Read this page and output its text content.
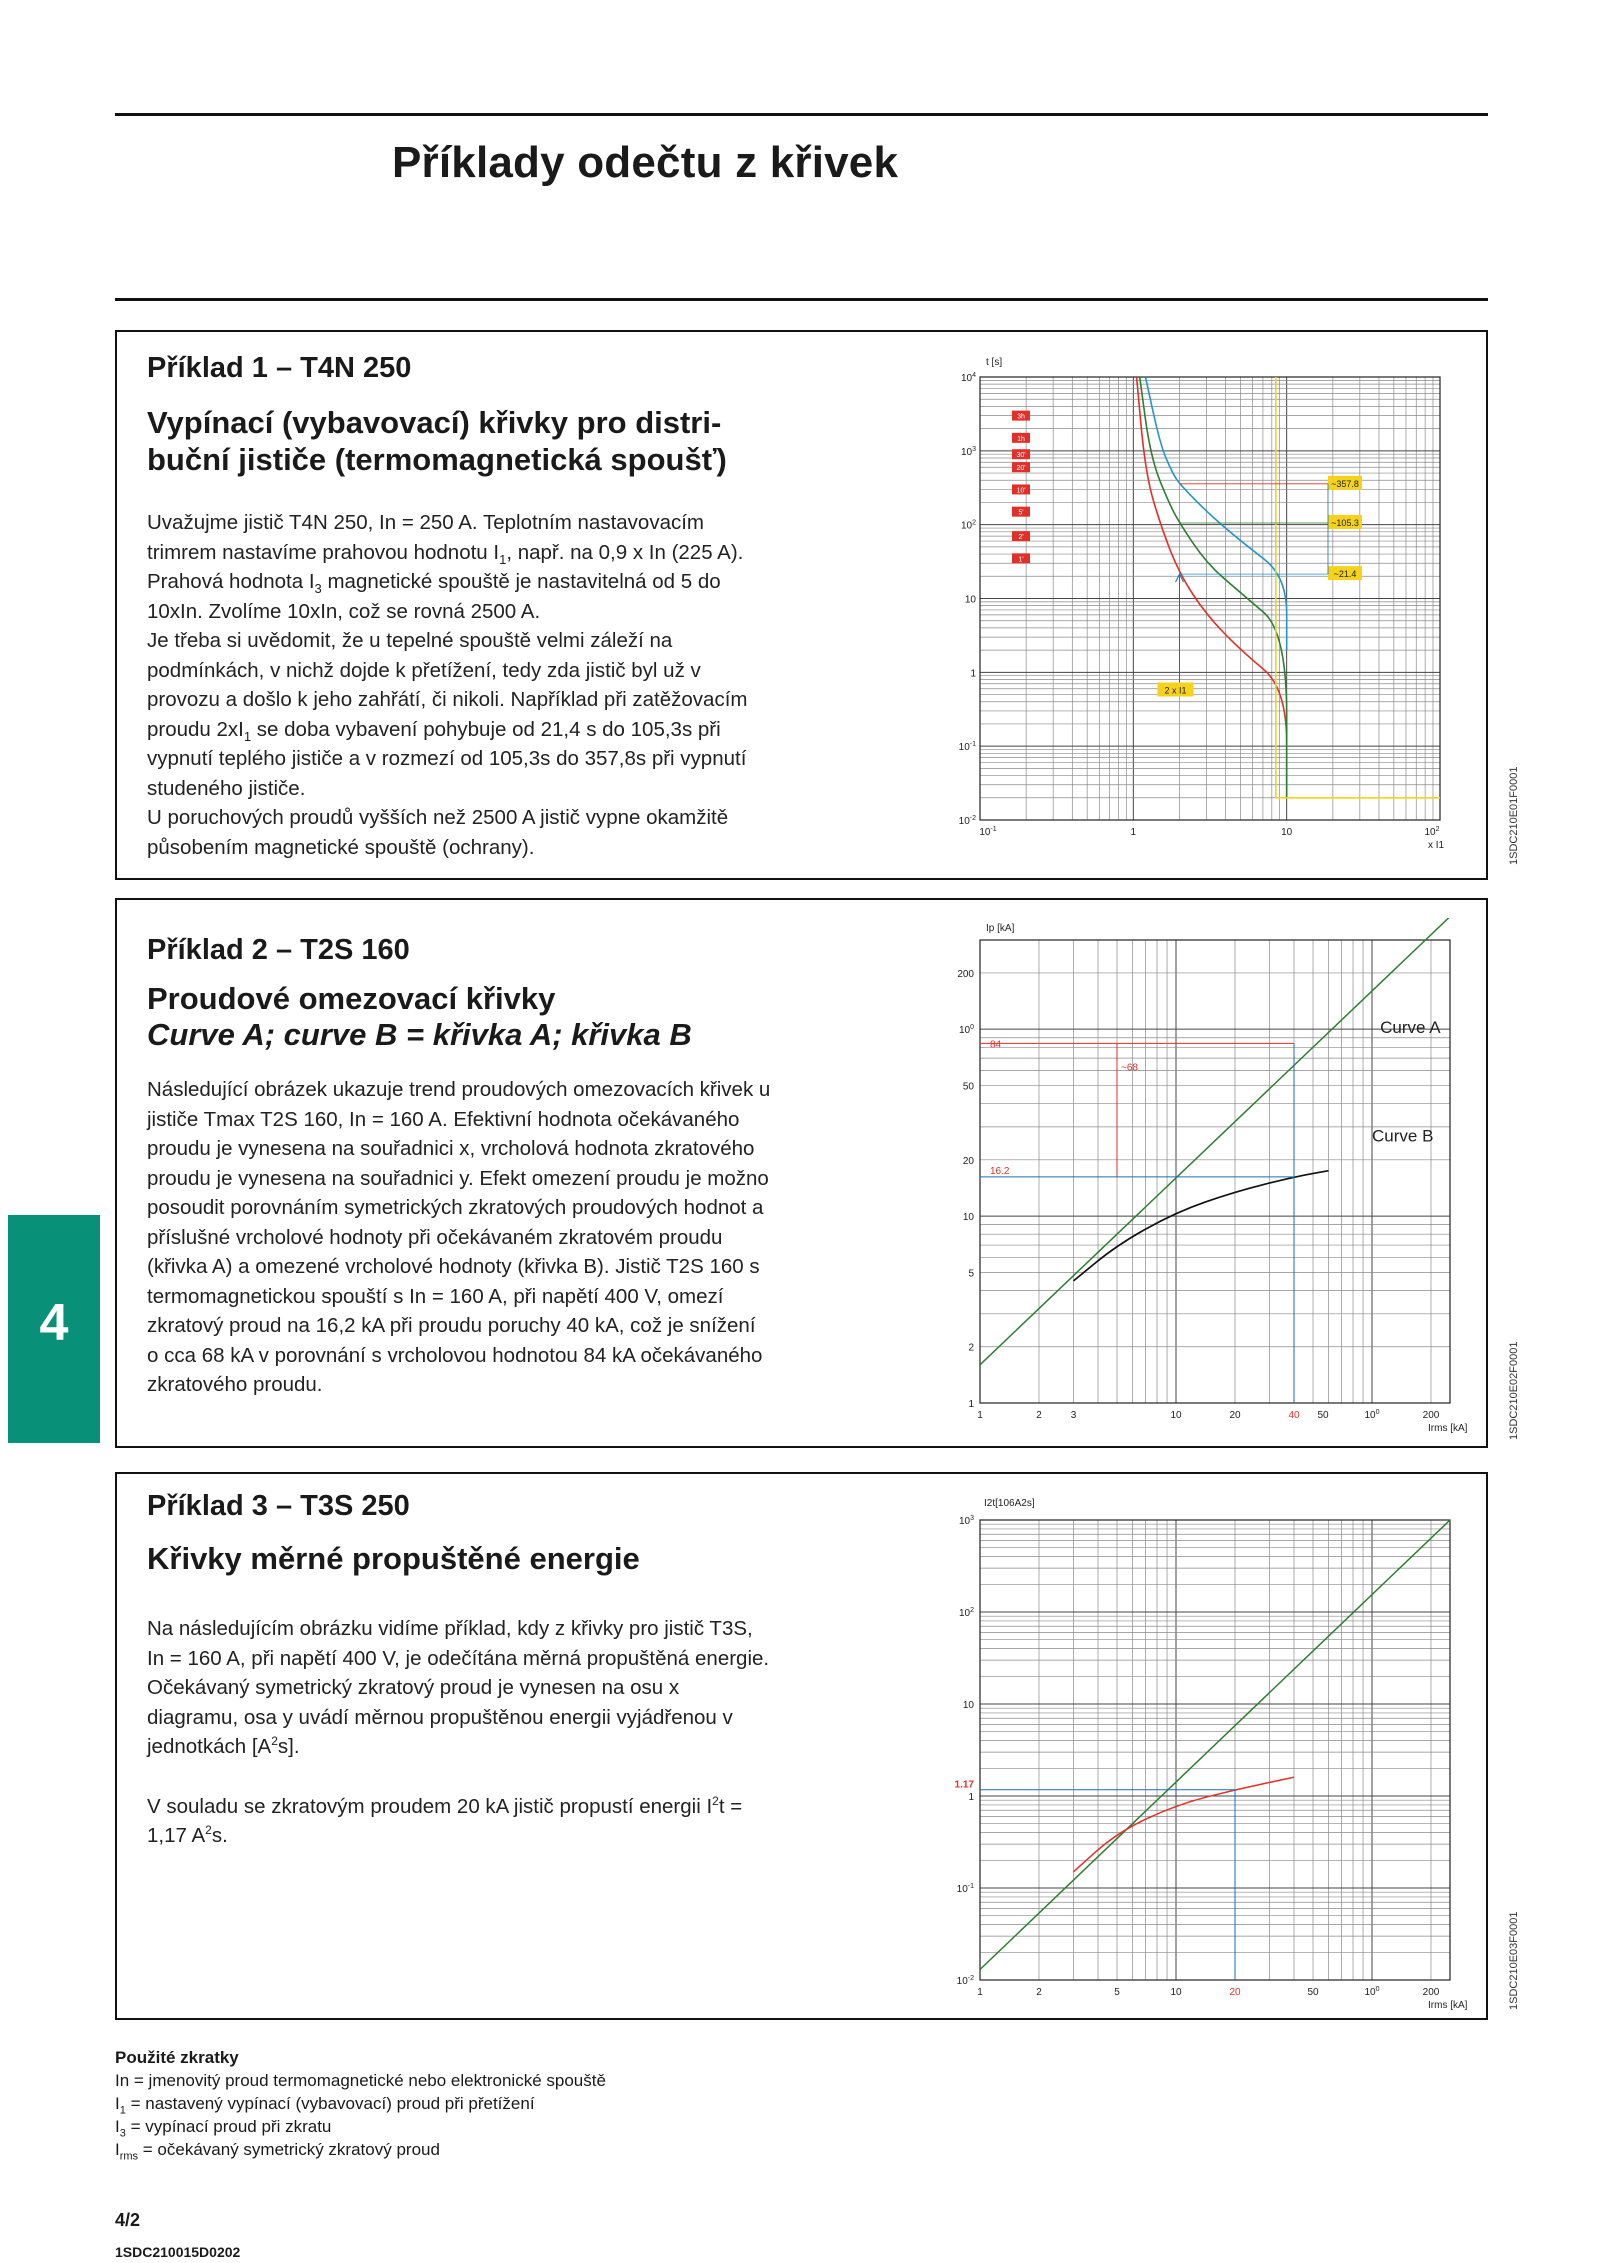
Příklady odečtu z křivek
Příklad 1 – T4N 250
Vypínací (vybavovací) křivky pro distri-
buční jističe (termomagnetická spoušť)

Uvažujme jistič T4N 250, In = 250 A. Teplotním nastavovacím trimrem nastavíme prahovou hodnotu $I_1$, např. na 0,9 x In (225 A). Prahová hodnota $I_3$ magnetické spouště je nastavitelná od 5 do 10xIn. Zvolíme 10xIn, což se rovná 2500 A.

Je třeba si uvědomit, že u tepelné spouště velmi záleží na podmínkách, v nichž dojde k přetížení, tedy zda jistič byl už v provozu a došlo k jeho zahřátí, či nikoli. Například při zatěžovacím proudu $2xI_1$ se doba vybavení pohybuje od 21,4 s do 105,3s při vypnutí teplého jističe a v rozmezí od 105,3s do 357,8s při vypnutí studeného jističe.

U poruchových proudů vyšších než 2500 A jistič vypne okamžitě působením magnetické spouště (ochrany).

3h
1h
30'
20'
10'
5'
2'
1'
~357.8
~105.3
~21.4
2 x I1
$10^{-1}$	1	10	$10^2$
$10^4$
$10^3$
$10^2$
10
1
$10^{-1}$
$10^{-2}$
t [s]
x I1	1SDC210E01F0001
Příklad 2 – T2S 160
Proudové omezovací křivky
Curve A; curve B = křivka A; křivka B
Následující obrázek ukazuje trend proudových omezovacích křivek u jističe Tmax T2S 160, In = 160 A. Efektivní hodnota očekávaného proudu je vynesena na souřadnici x, vrcholová hodnota zkratového proudu je vynesena na souřadnici y. Efekt omezení proudu je možno posoudit porovnáním symetrických zkratových proudových hodnot a příslušné vrcholové hodnoty při očekávaném zkratovém proudu (křivka A) a omezené vrcholové hodnoty (křivka B). Jistič T2S 160 s termomagnetickou spouští s In = 160 A, při napětí 400 V, omezí zkratový proud na 16,2 kA při proudu poruchy 40 kA, což je snížení o cca 68 kA v porovnání s vrcholovou hodnotou 84 kA očekávaného zkratového proudu.
84
~68
16.2
Curve A
Curve B
1	2	3	10	20	40 50	$10^0$	200
200
$10^0$
50
20
10
5
2
1
Ip [kA]
Irms [kA]	1SDC210E02F0001
Příklad 3 – T3S 250
Křivky měrné propuštěné energie

Na následujícím obrázku vidíme příklad, kdy z křivky pro jistič T3S, In = 160 A, při napětí 400 V, je odečítána měrná propuštěná energie. Očekávaný symetrický zkratový proud je vynesen na osu x diagramu, osa y uvádí měrnou propuštěnou energii vyjádřenou v jednotkách $[A^2s]$.

V souladu se zkratovým proudem 20 kA jistič propustí energii $I^2t = 1,17$ $A^2s$.

1.17
1	2	5	10	20	50	$10^0$	200
$10^3$
$10^2$
10
1
$10^{-1}$
$10^{-2}$
I2t[106A2s]
Irms [kA]	1SDC210E03F0001
4
Použité zkratky
In = jmenovitý proud termomagnetické nebo elektronické spouště
$I_1$ = nastavený vypínací (vybavovací) proud při přetížení
$I_3$ = vypínací proud při zkratu
$I_{rms}$ = očekávaný symetrický zkratový proud
4/2
1SDC210015D0202
